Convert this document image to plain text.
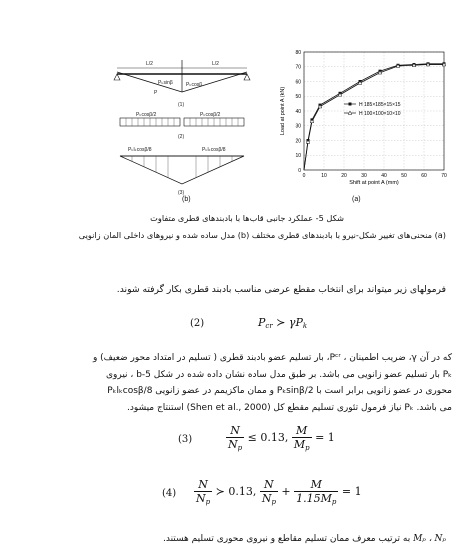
L/2	L/2
Pₖsinβ	Pₖcosβ
P
(1)
Pₖcosβ/2	Pₖcosβ/2
(2)
Pₖlₖcosβ/8	Pₖlₖcosβ/8
(3)
(b)
0	10	20	30	40	50	60	70
0
10
20
30
40
50
60
70
80
Shift at point A (mm)
Load at point A (kN)	H 185×185×15×15
H 100×100×10×10
(a)
شکل 5- عملکرد جانبی قاب‌ها با بادبندهای قطری متفاوت
(a) منحنی‌های تغییر شکل-نیرو با بادبندهای قطری مختلف (b) مدل ساده شده و نیروهای داخلی المان زانویی
فرمولهای زیر میتواند برای انتخاب مقطع عرضی مناسب بادبند قطری بکار گرفته شوند.
(2)	$P_{cr}$ ≻ $\gamma P_k$
که در آن γ، ضریب اطمینان ، Pᶜʳ، بار تسلیم عضو بادبند قطری ( تسلیم در امتداد محور ضعیف) و
Pₖ بار تسلیم عضو زانویی می باشد. بر طبق مدل ساده نشان داده شده در شکل 5-b ، نیروی
محوری در عضو زانویی برابر است با Pₖsinβ/2 و ممان ماکزیمم در عضو زانویی Pₖlₖcosβ/8
می باشد. Pₖ نیاز فرمول تئوری تسلیم مقطع کل (Shen et al., 2000) استنتاج میشود.
(3)	$\frac{N}{N_p} \le 0.13$, $\frac{M}{M_p} = 1$
$(4) \frac{N}{N_p}$ ≻ 0.13, $\frac{N}{N_p} + \frac{M}{1.15M_p} = 1$
Mₚ ، Nₚ به ترتیب معرف ممان تسلیم مقاطع و نیروی محوری تسلیم هستند.
